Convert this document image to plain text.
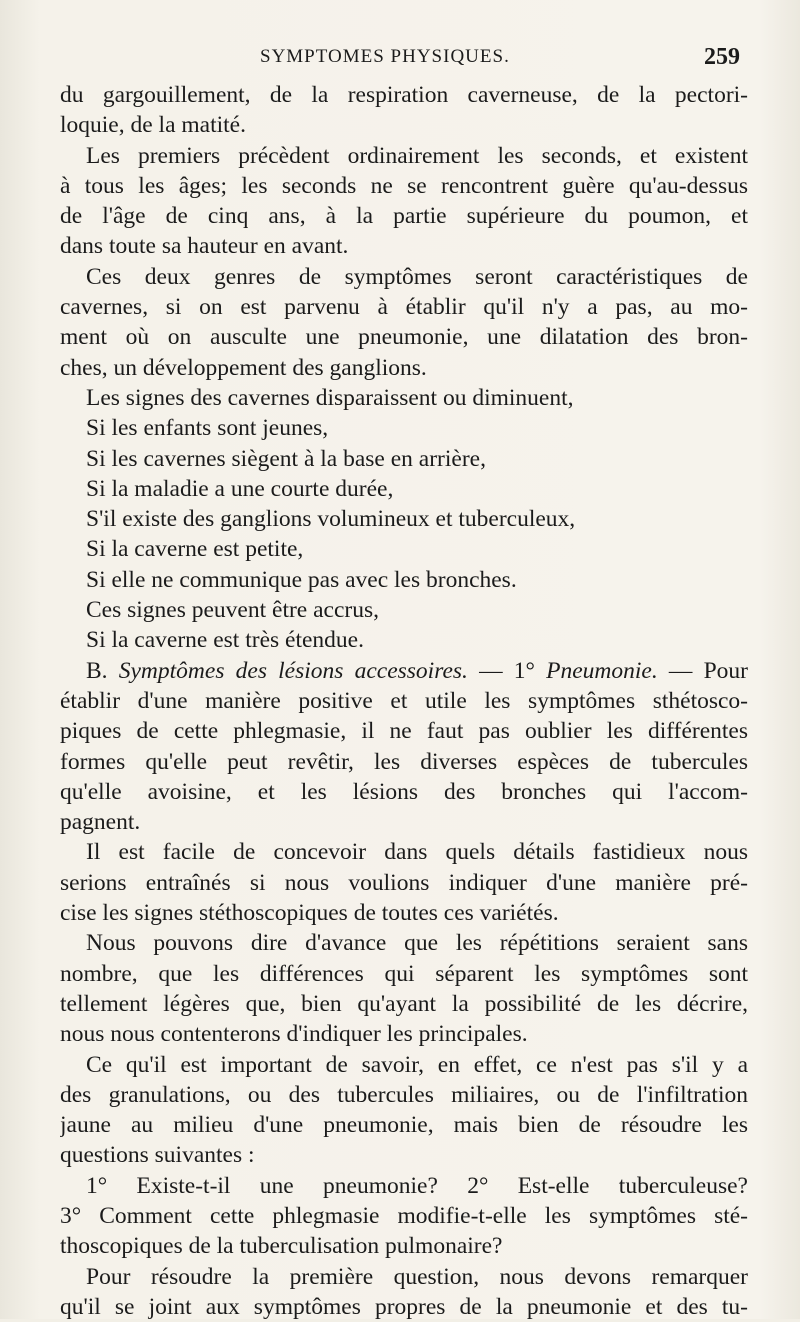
SYMPTOMES PHYSIQUES.	259
du gargouillement, de la respiration caverneuse, de la pectori-
loquie, de la matité.
Les premiers précèdent ordinairement les seconds, et existent
à tous les âges; les seconds ne se rencontrent guère qu'au-dessus
de l'âge de cinq ans, à la partie supérieure du poumon, et
dans toute sa hauteur en avant.
Ces deux genres de symptômes seront caractéristiques de
cavernes, si on est parvenu à établir qu'il n'y a pas, au mo-
ment où on ausculte une pneumonie, une dilatation des bron-
ches, un développement des ganglions.
Les signes des cavernes disparaissent ou diminuent,
Si les enfants sont jeunes,
Si les cavernes siègent à la base en arrière,
Si la maladie a une courte durée,
S'il existe des ganglions volumineux et tuberculeux,
Si la caverne est petite,
Si elle ne communique pas avec les bronches.
Ces signes peuvent être accrus,
Si la caverne est très étendue.
B. Symptômes des lésions accessoires. — 1° Pneumonie. — Pour
établir d'une manière positive et utile les symptômes sthétosco-
piques de cette phlegmasie, il ne faut pas oublier les différentes
formes qu'elle peut revêtir, les diverses espèces de tubercules
qu'elle avoisine, et les lésions des bronches qui l'accom-
pagnent.
Il est facile de concevoir dans quels détails fastidieux nous
serions entraînés si nous voulions indiquer d'une manière pré-
cise les signes stéthoscopiques de toutes ces variétés.
Nous pouvons dire d'avance que les répétitions seraient sans
nombre, que les différences qui séparent les symptômes sont
tellement légères que, bien qu'ayant la possibilité de les décrire,
nous nous contenterons d'indiquer les principales.
Ce qu'il est important de savoir, en effet, ce n'est pas s'il y a
des granulations, ou des tubercules miliaires, ou de l'infiltration
jaune au milieu d'une pneumonie, mais bien de résoudre les
questions suivantes :
1° Existe-t-il une pneumonie? 2° Est-elle tuberculeuse?
3° Comment cette phlegmasie modifie-t-elle les symptômes sté-
thoscopiques de la tuberculisation pulmonaire?
Pour résoudre la première question, nous devons remarquer
qu'il se joint aux symptômes propres de la pneumonie et des tu-
